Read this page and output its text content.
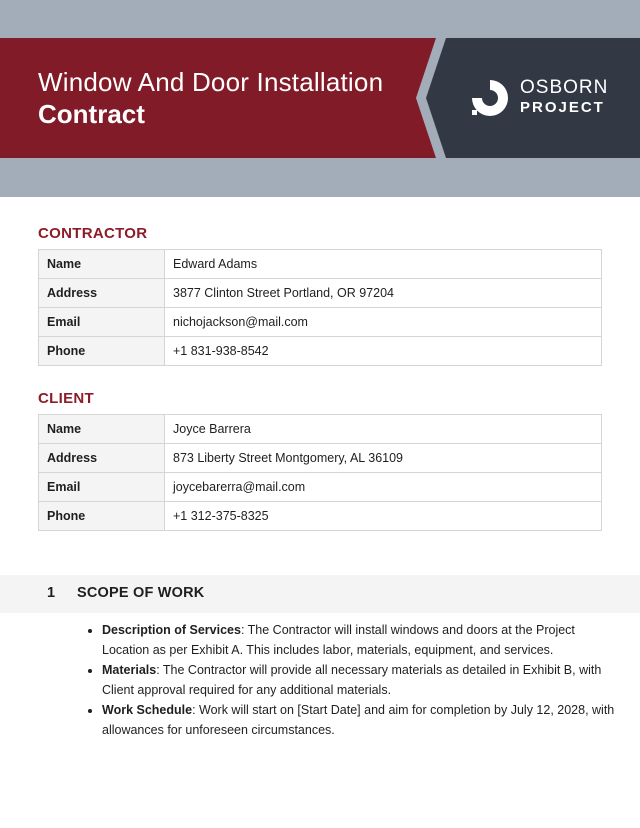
Window And Door Installation
Contract
OSBORN
PROJECT
CONTRACTOR
Name	Edward Adams
Address	3877 Clinton Street Portland, OR 97204
Email	nichojackson@mail.com
Phone	+1 831-938-8542
CLIENT
Name	Joyce Barrera
Address	873 Liberty Street Montgomery, AL 36109
Email	joycebarerra@mail.com
Phone	+1 312-375-8325
1 SCOPE OF WORK
• Description of Services: The Contractor will install windows and doors at the Project Location as per Exhibit A. This includes labor, materials, equipment, and services.
• Materials: The Contractor will provide all necessary materials as detailed in Exhibit B, with Client approval required for any additional materials.
• Work Schedule: Work will start on [Start Date] and aim for completion by July 12, 2028, with allowances for unforeseen circumstances.
